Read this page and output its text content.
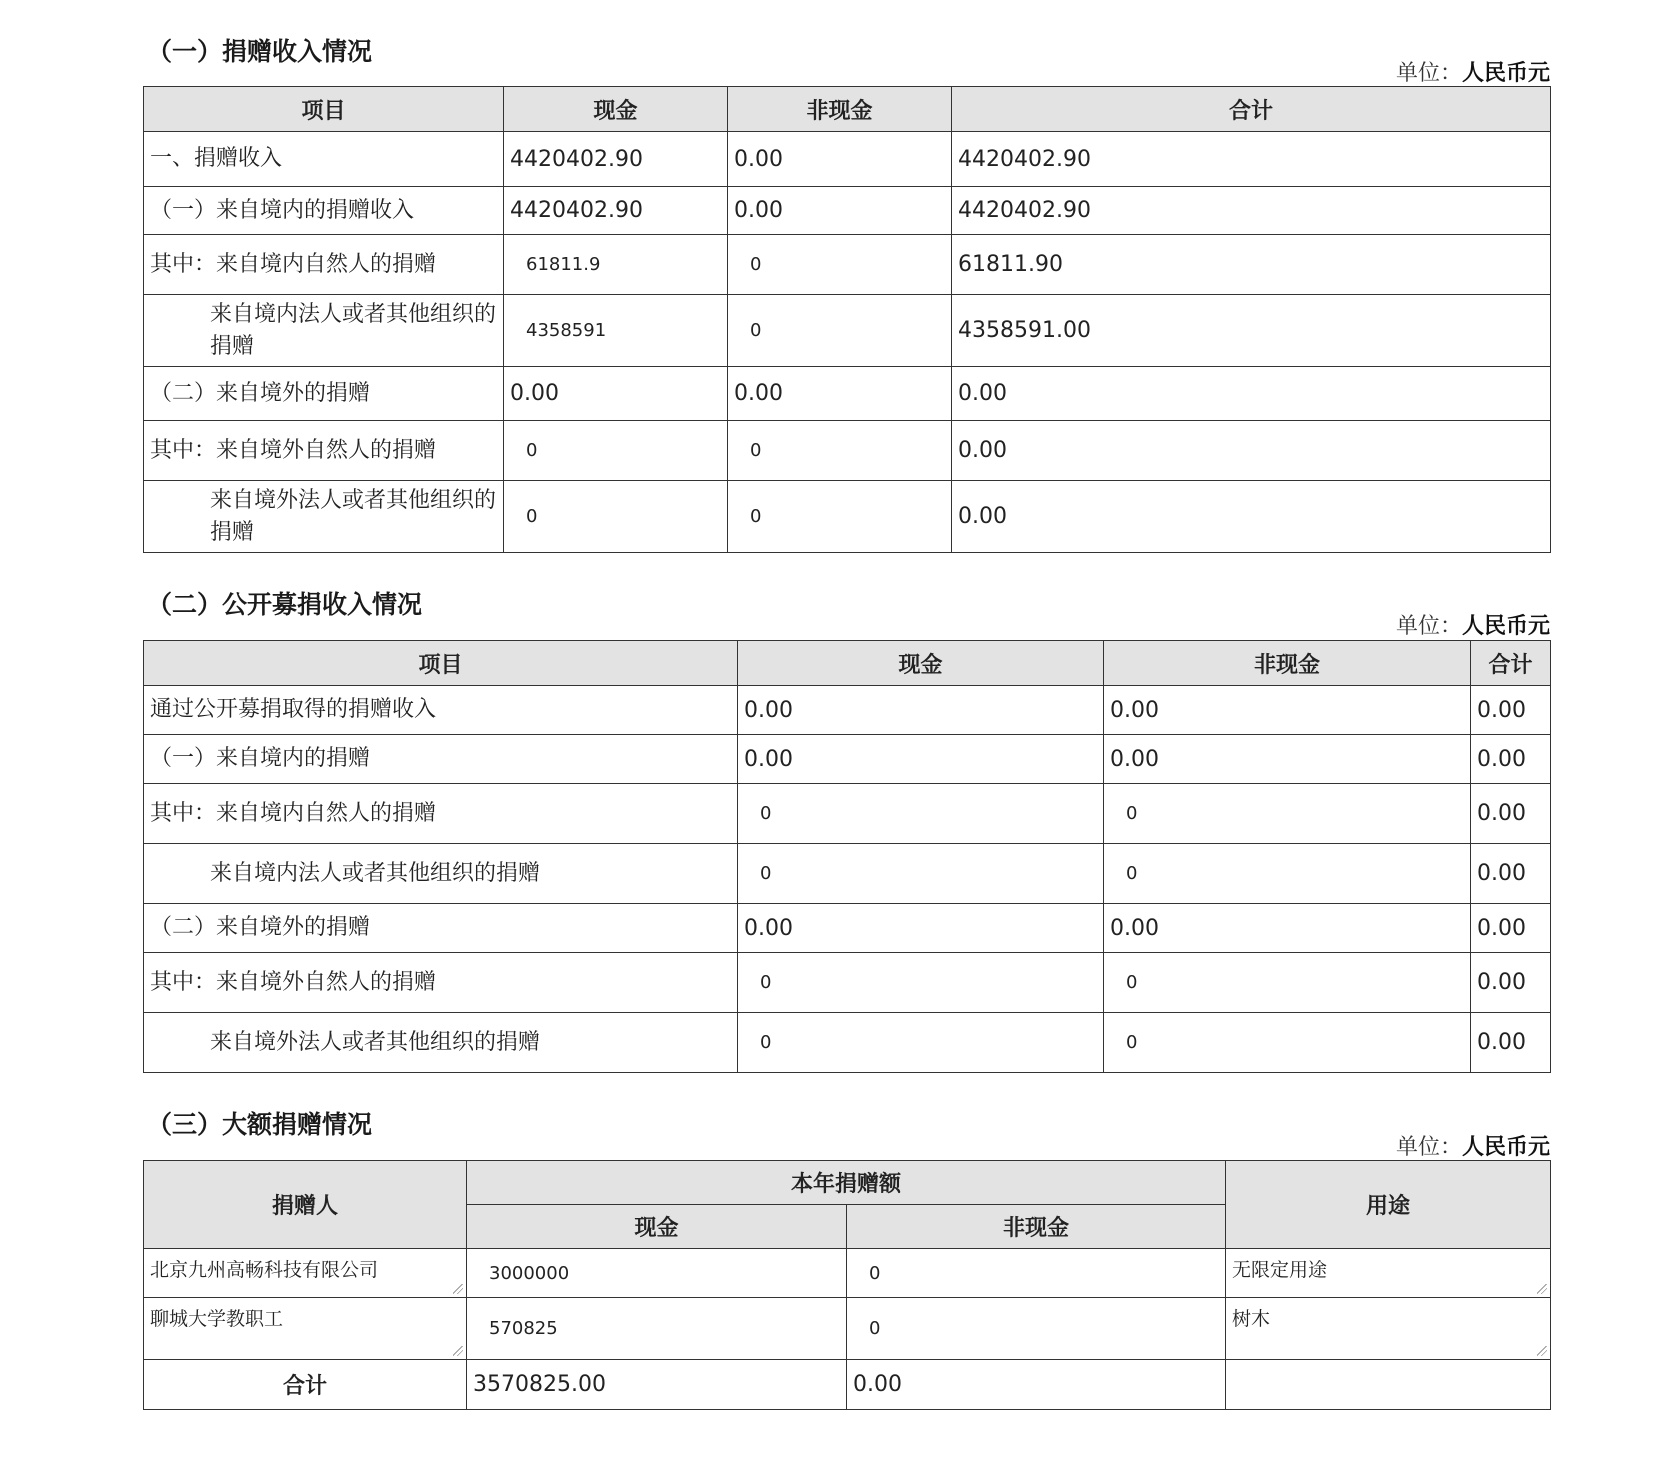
（一）捐赠收入情况
单位：人民币元
项目	现金	非现金	合计
一、捐赠收入	4420402.90	0.00	4420402.90
（一）来自境内的捐赠收入	4420402.90	0.00	4420402.90
其中：来自境内自然人的捐赠	61811.9	0	61811.90
来自境内法人或者其他组织的捐赠	4358591	0	4358591.00
（二）来自境外的捐赠	0.00	0.00	0.00
其中：来自境外自然人的捐赠	0	0	0.00
来自境外法人或者其他组织的捐赠	0	0	0.00
（二）公开募捐收入情况
单位：人民币元
项目	现金	非现金	合计
通过公开募捐取得的捐赠收入	0.00	0.00	0.00
（一）来自境内的捐赠	0.00	0.00	0.00
其中：来自境内自然人的捐赠	0	0	0.00
来自境内法人或者其他组织的捐赠	0	0	0.00
（二）来自境外的捐赠	0.00	0.00	0.00
其中：来自境外自然人的捐赠	0	0	0.00
来自境外法人或者其他组织的捐赠	0	0	0.00
（三）大额捐赠情况
单位：人民币元
捐赠人	本年捐赠额		用途
	现金	非现金	
北京九州高畅科技有限公司	3000000	0	无限定用途

聊城大学教职工	570825	0	树木

合计	3570825.00	0.00	
